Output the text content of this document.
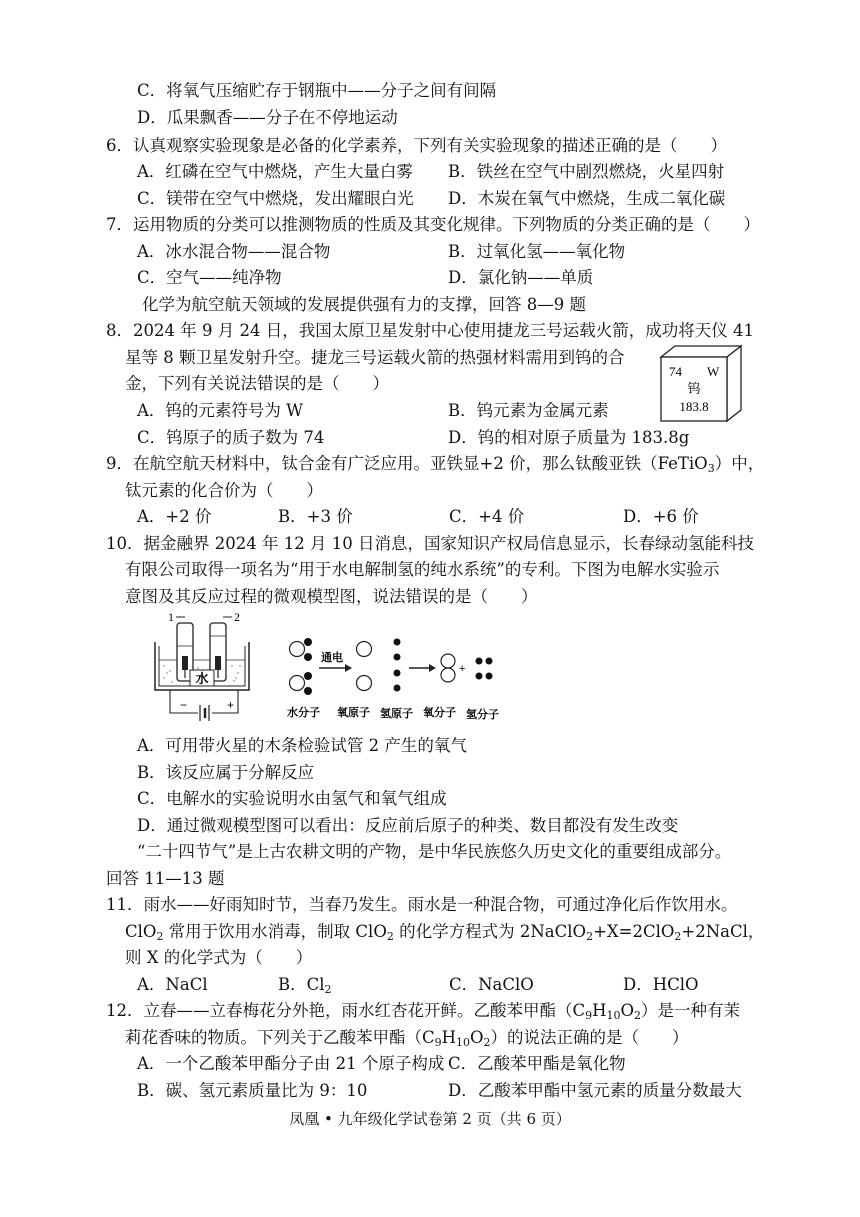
C．将氧气压缩贮存于钢瓶中——分子之间有间隔
D．瓜果飘香——分子在不停地运动
6．认真观察实验现象是必备的化学素养，下列有关实验现象的描述正确的是（　　）
A．红磷在空气中燃烧，产生大量白雾 B．铁丝在空气中剧烈燃烧，火星四射
C．镁带在空气中燃烧，发出耀眼白光 D．木炭在氧气中燃烧，生成二氧化碳
7．运用物质的分类可以推测物质的性质及其变化规律。下列物质的分类正确的是（　　）
A．冰水混合物——混合物	B．过氧化氢——氧化物
C．空气——纯净物	D．氯化钠——单质
化学为航空航天领域的发展提供强有力的支撑，回答 8—9 题
8．2024 年 9 月 24 日，我国太原卫星发射中心使用捷龙三号运载火箭，成功将天仪 41
星等 8 颗卫星发射升空。捷龙三号运载火箭的热强材料需用到钨的合
金，下列有关说法错误的是（　　）
74 W
钨
183.8
A．钨的元素符号为 W	B．钨元素为金属元素
C．钨原子的质子数为 74	D．钨的相对原子质量为 183.8g
9．在航空航天材料中，钛合金有广泛应用。亚铁显+2 价，那么钛酸亚铁（FeTiO$_3$）中，
钛元素的化合价为（　　）
A．+2 价	B．+3 价	C．+4 价	D．+6 价
10．据金融界 2024 年 12 月 10 日消息，国家知识产权局信息显示，长春绿动氢能科技
有限公司取得一项名为“用于水电解制氢的纯水系统”的专利。下图为电解水实验示
意图及其反应过程的微观模型图，说法错误的是（　　）
1	2
水
−	+
通电
+
水分子 氧原子 氢原子 氧分子 氢分子
A．可用带火星的木条检验试管 2 产生的氧气
B．该反应属于分解反应
C．电解水的实验说明水由氢气和氧气组成
D．通过微观模型图可以看出：反应前后原子的种类、数目都没有发生改变
“二十四节气”是上古农耕文明的产物，是中华民族悠久历史文化的重要组成部分。
回答 11—13 题
11．雨水——好雨知时节，当春乃发生。雨水是一种混合物，可通过净化后作饮用水。
ClO$_2$ 常用于饮用水消毒，制取 ClO$_2$ 的化学方程式为 2NaClO$_2$+X=2ClO$_2$+2NaCl，
则 X 的化学式为（　　）
A．NaCl	B．$Cl_2$	C．NaClO	D．HClO
12．立春——立春梅花分外艳，雨水红杏花开鲜。乙酸苯甲酯$(C_9H_{10}O_2)$是一种有茉
莉花香味的物质。下列关于乙酸苯甲酯$(C_9H_{10}O_2)$的说法正确的是（　　）
A．一个乙酸苯甲酯分子由 21 个原子构成 C．乙酸苯甲酯是氧化物
B．碳、氢元素质量比为 9：10	D．乙酸苯甲酯中氢元素的质量分数最大
凤凰 • 九年级化学试卷第 2 页（共 6 页）
